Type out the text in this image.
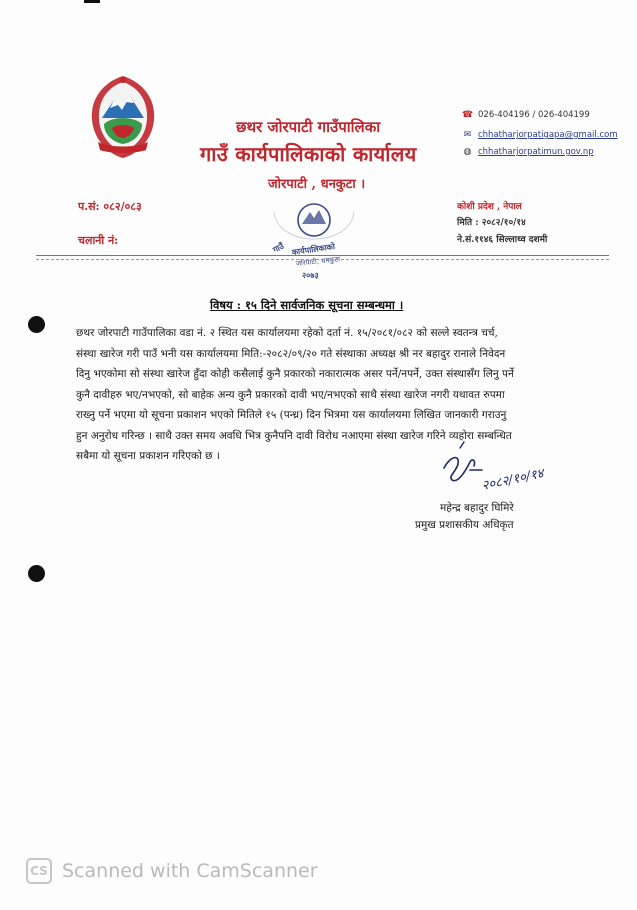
छथर जोरपाटी गाउँपालिका
गाउँ कार्यपालिकाको कार्यालय
जोरपाटी , धनकुटा ।
☎ 026-404196 / 026-404199
✉ chhatharjorpatigapa@gmail.com
◍ chhatharjorpatimun.gov.np
प.सं: ०८२/०८३
चलानी नं:
कोशी प्रदेश , नेपाल
मिति : २०८२/१०/१४
ने.सं.११४६ सिल्लाथ्व दशमी
गाउँ कार्यपालिकाको
जोरपाटी, धनकुटा
२०७३
विषय : १५ दिने सार्वजनिक सूचना सम्बन्धमा ।
छथर जोरपाटी गाउँपालिका वडा नं. २ स्थित यस कार्यालयमा रहेको दर्ता नं. १५/२०८१/०८२ को सल्ले स्वतन्त्र चर्च,
संस्था खारेज गरी पाउँ भनी यस कार्यालयमा मिति:-२०८२/०९/२० गते संस्थाका अध्यक्ष श्री नर बहादुर रानाले निवेदन
दिनु भएकोमा सो संस्था खारेज हुँदा कोही कसैलाई कुनै प्रकारको नकारात्मक असर पर्ने/नपर्ने, उक्त संस्थासँग लिनु पर्ने
कुनै दावीहरु भए/नभएको, सो बाहेक अन्य कुनै प्रकारको दावी भए/नभएको साथै संस्था खारेज नगरी यथावत रुपमा
राख्नु पर्ने भएमा यो सूचना प्रकाशन भएको मितिले १५ (पन्ध्र) दिन भित्रमा यस कार्यालयमा लिखित जानकारी गराउनु
हुन अनुरोध गरिन्छ । साथै उक्त समय अवधि भित्र कुनैपनि दावी विरोध नआएमा संस्था खारेज गरिने व्यहोरा सम्बन्धित
सबैमा यो सूचना प्रकाशन गरिएको छ ।
२०८२/१०/१४
महेन्द्र बहादुर घिमिरे
प्रमुख प्रशासकीय अधिकृत
CS Scanned with CamScanner
